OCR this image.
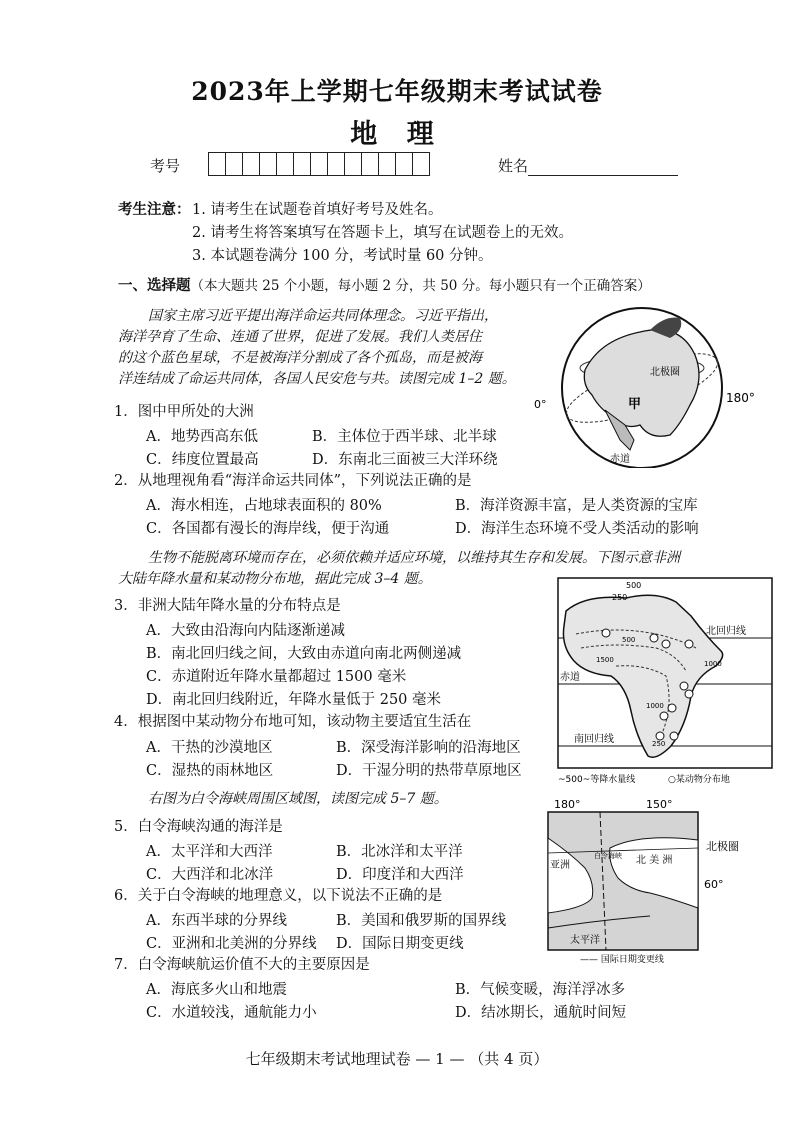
2023年上学期七年级期末考试试卷
地 理
考号	姓名
考生注意： 1. 请考生在试题卷首填好考号及姓名。
2. 请考生将答案填写在答题卡上，填写在试题卷上的无效。
3. 本试题卷满分 100 分，考试时量 60 分钟。
一、选择题（本大题共 25 个小题，每小题 2 分，共 50 分。每小题只有一个正确答案）
国家主席习近平提出海洋命运共同体理念。习近平指出，
海洋孕育了生命、连通了世界，促进了发展。我们人类居住
的这个蓝色星球，不是被海洋分割成了各个孤岛，而是被海
洋连结成了命运共同体，各国人民安危与共。读图完成 1–2 题。	北极圈
甲
赤道
0°	180°
1．图中甲所处的大洲
A．地势西高东低	B．主体位于西半球、北半球
C．纬度位置最高	D．东南北三面被三大洋环绕
2．从地理视角看“海洋命运共同体”，下列说法正确的是
A．海水相连，占地球表面积的 80%	B．海洋资源丰富，是人类资源的宝库
C．各国都有漫长的海岸线，便于沟通	D．海洋生态环境不受人类活动的影响
生物不能脱离环境而存在，必须依赖并适应环境，以维持其生存和发展。下图示意非洲
大陆年降水量和某动物分布地，据此完成 3–4 题。	500
250
1500
1000
1000
500
250
北回归线
赤道
南回归线
~500~等降水量线	○某动物分布地
3．非洲大陆年降水量的分布特点是
A．大致由沿海向内陆逐渐递减
B．南北回归线之间，大致由赤道向南北两侧递减
C．赤道附近年降水量都超过 1500 毫米
D．南北回归线附近，年降水量低于 250 毫米
4．根据图中某动物分布地可知，该动物主要适宜生活在
A．干热的沙漠地区	B．深受海洋影响的沿海地区
C．湿热的雨林地区	D．干湿分明的热带草原地区
右图为白令海峡周围区域图，读图完成 5–7 题。	180°	150°
北极圈
60°
亚洲	北 美 洲
白令海峡
太平洋
—— 国际日期变更线
5．白令海峡沟通的海洋是
A．太平洋和大西洋	B．北冰洋和太平洋
C．大西洋和北冰洋	D．印度洋和大西洋
6．关于白令海峡的地理意义，以下说法不正确的是
A．东西半球的分界线	B．美国和俄罗斯的国界线
C．亚洲和北美洲的分界线 D．国际日期变更线
7．白令海峡航运价值不大的主要原因是
A．海底多火山和地震	B．气候变暖，海洋浮冰多
C．水道较浅，通航能力小	D．结冰期长，通航时间短
七年级期末考试地理试卷 — 1 — （共 4 页）
